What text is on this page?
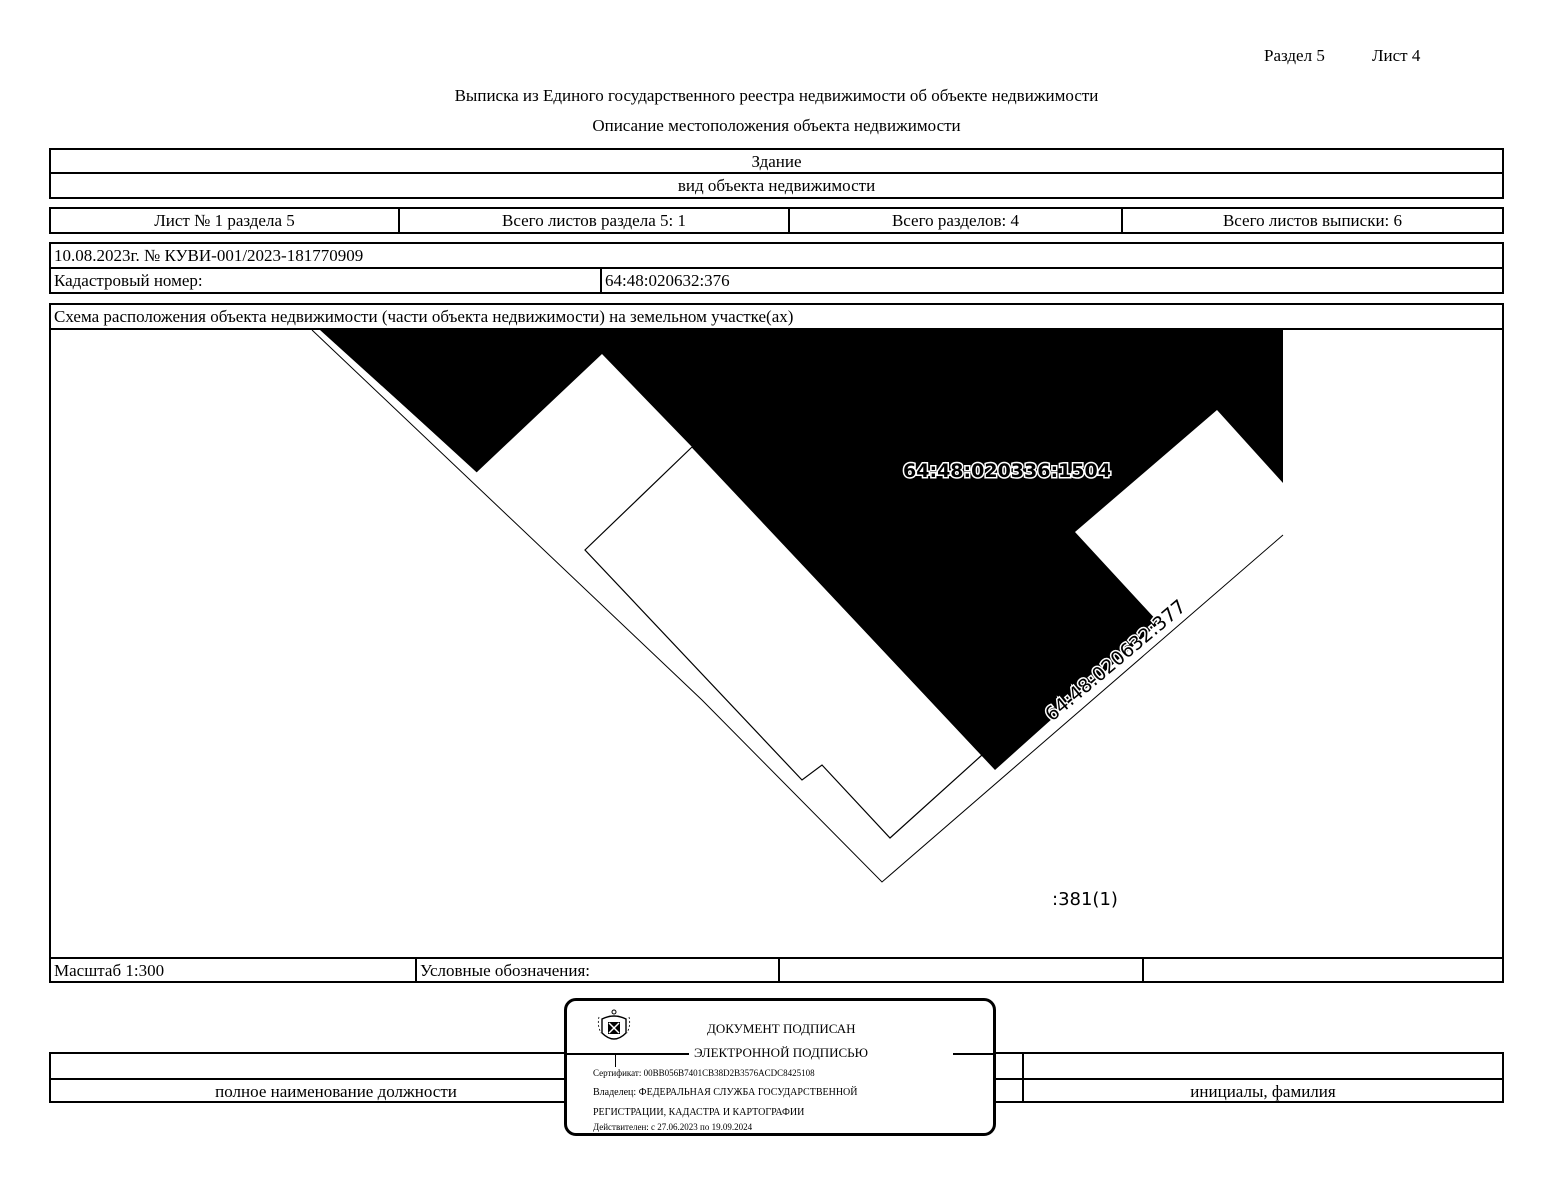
Раздел 5	Лист 4
Выписка из Единого государственного реестра недвижимости об объекте недвижимости
Описание местоположения объекта недвижимости
Здание
вид объекта недвижимости
Лист № 1 раздела 5	Всего листов раздела 5: 1	Всего разделов: 4	Всего листов выписки: 6
10.08.2023г. № КУВИ-001/2023-181770909
Кадастровый номер:	64:48:020632:376
Схема расположения объекта недвижимости (части объекта недвижимости) на земельном участке(ах)
64:48:020336:1504
64:48:020632:377
:381(1)
Масштаб 1:300	Условные обозначения:
полное наименование должности	инициалы, фамилия
ДОКУМЕНТ ПОДПИСАН
ЭЛЕКТРОННОЙ ПОДПИСЬЮ
Сертификат: 00BB056B7401CB38D2B3576ACDC8425108
Владелец: ФЕДЕРАЛЬНАЯ СЛУЖБА ГОСУДАРСТВЕННОЙ
РЕГИСТРАЦИИ, КАДАСТРА И КАРТОГРАФИИ
Действителен: с 27.06.2023 по 19.09.2024
